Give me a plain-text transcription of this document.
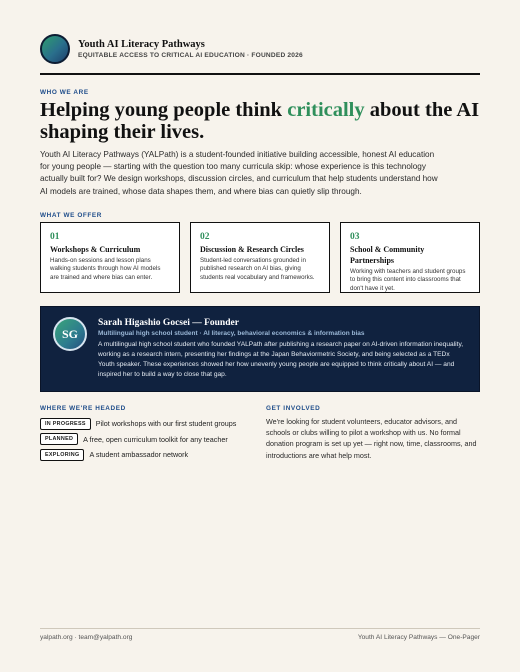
Youth AI Literacy Pathways
EQUITABLE ACCESS TO CRITICAL AI EDUCATION · FOUNDED 2026
WHO WE ARE
Helping young people think critically about the AI shaping their lives.

Youth AI Literacy Pathways (YALPath) is a student-founded initiative building accessible, honest AI education for young people — starting with the question too many curricula skip: whose experience is this technology actually built for? We design workshops, discussion circles, and curriculum that help students understand how AI models are trained, whose data shapes them, and where bias can quietly slip through.

WHAT WE OFFER
01
Workshops & Curriculum
Hands-on sessions and lesson plans walking students through how AI models are trained and where bias can enter.
02
Discussion & Research Circles
Student-led conversations grounded in published research on AI bias, giving students real vocabulary and frameworks.
03
School & Community Partnerships
Working with teachers and student groups to bring this content into classrooms that don't have it yet.
SG
Sarah Higashio Gocsei — Founder
Multilingual high school student · AI literacy, behavioral economics & information bias
A multilingual high school student who founded YALPath after publishing a research paper on AI-driven information inequality, working as a research intern, presenting her findings at the Japan Behaviormetric Society, and being selected as a TEDx Youth speaker. These experiences showed her how unevenly young people are equipped to think critically about AI — and inspired her to build a way to close that gap.
WHERE WE'RE HEADED
IN PROGRESS	Pilot workshops with our first student groups
PLANNED	A free, open curriculum toolkit for any teacher
EXPLORING	A student ambassador network
GET INVOLVED

We're looking for student volunteers, educator advisors, and schools or clubs willing to pilot a workshop with us. No formal donation program is set up yet — right now, time, classrooms, and introductions are what help most.

yalpath.org · team@yalpath.org	Youth AI Literacy Pathways — One-Pager
